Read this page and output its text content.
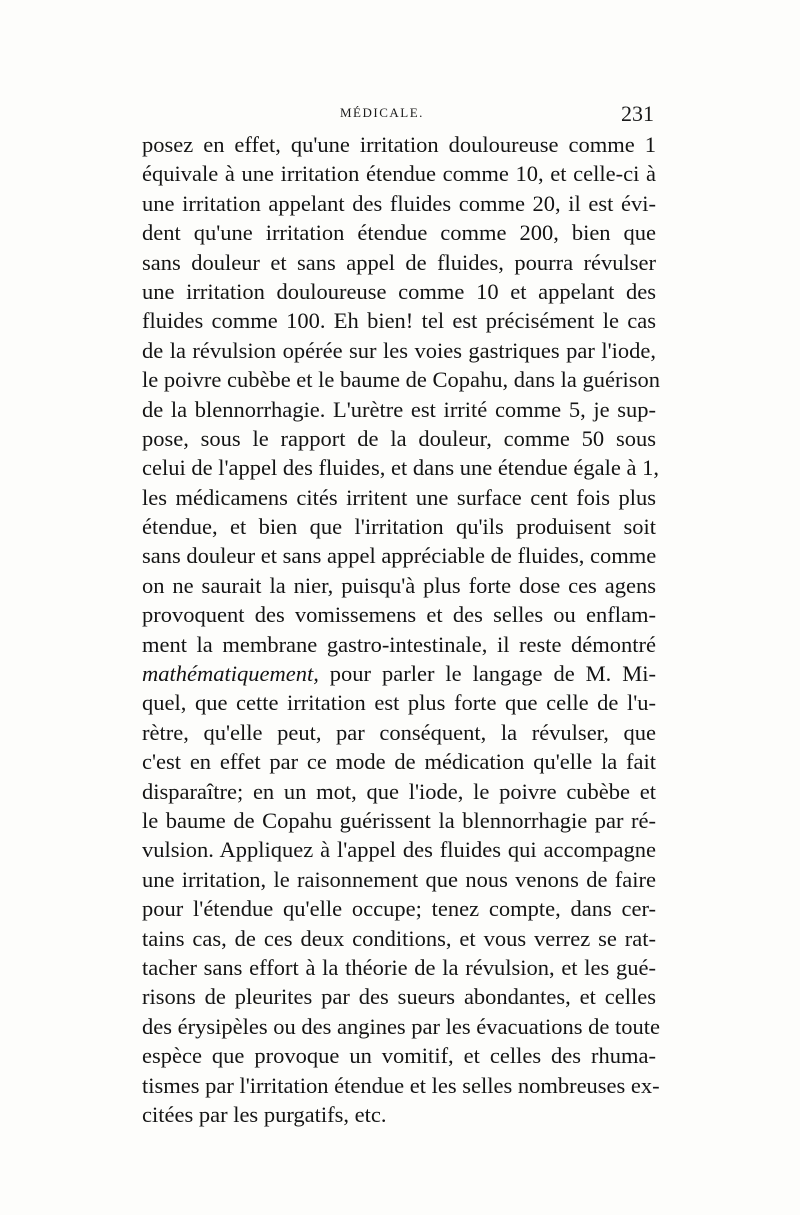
MÉDICALE.	231
posez en effet, qu'une irritation douloureuse comme 1
équivale à une irritation étendue comme 10, et celle-ci à
une irritation appelant des fluides comme 20, il est évi-
dent qu'une irritation étendue comme 200, bien que
sans douleur et sans appel de fluides, pourra révulser
une irritation douloureuse comme 10 et appelant des
fluides comme 100. Eh bien! tel est précisément le cas
de la révulsion opérée sur les voies gastriques par l'iode,
le poivre cubèbe et le baume de Copahu, dans la guérison
de la blennorrhagie. L'urètre est irrité comme 5, je sup-
pose, sous le rapport de la douleur, comme 50 sous
celui de l'appel des fluides, et dans une étendue égale à 1,
les médicamens cités irritent une surface cent fois plus
étendue, et bien que l'irritation qu'ils produisent soit
sans douleur et sans appel appréciable de fluides, comme
on ne saurait la nier, puisqu'à plus forte dose ces agens
provoquent des vomissemens et des selles ou enflam-
ment la membrane gastro-intestinale, il reste démontré
mathématiquement, pour parler le langage de M. Mi-
quel, que cette irritation est plus forte que celle de l'u-
rètre, qu'elle peut, par conséquent, la révulser, que
c'est en effet par ce mode de médication qu'elle la fait
disparaître; en un mot, que l'iode, le poivre cubèbe et
le baume de Copahu guérissent la blennorrhagie par ré-
vulsion. Appliquez à l'appel des fluides qui accompagne
une irritation, le raisonnement que nous venons de faire
pour l'étendue qu'elle occupe; tenez compte, dans cer-
tains cas, de ces deux conditions, et vous verrez se rat-
tacher sans effort à la théorie de la révulsion, et les gué-
risons de pleurites par des sueurs abondantes, et celles
des érysipèles ou des angines par les évacuations de toute
espèce que provoque un vomitif, et celles des rhuma-
tismes par l'irritation étendue et les selles nombreuses ex-
citées par les purgatifs, etc.
